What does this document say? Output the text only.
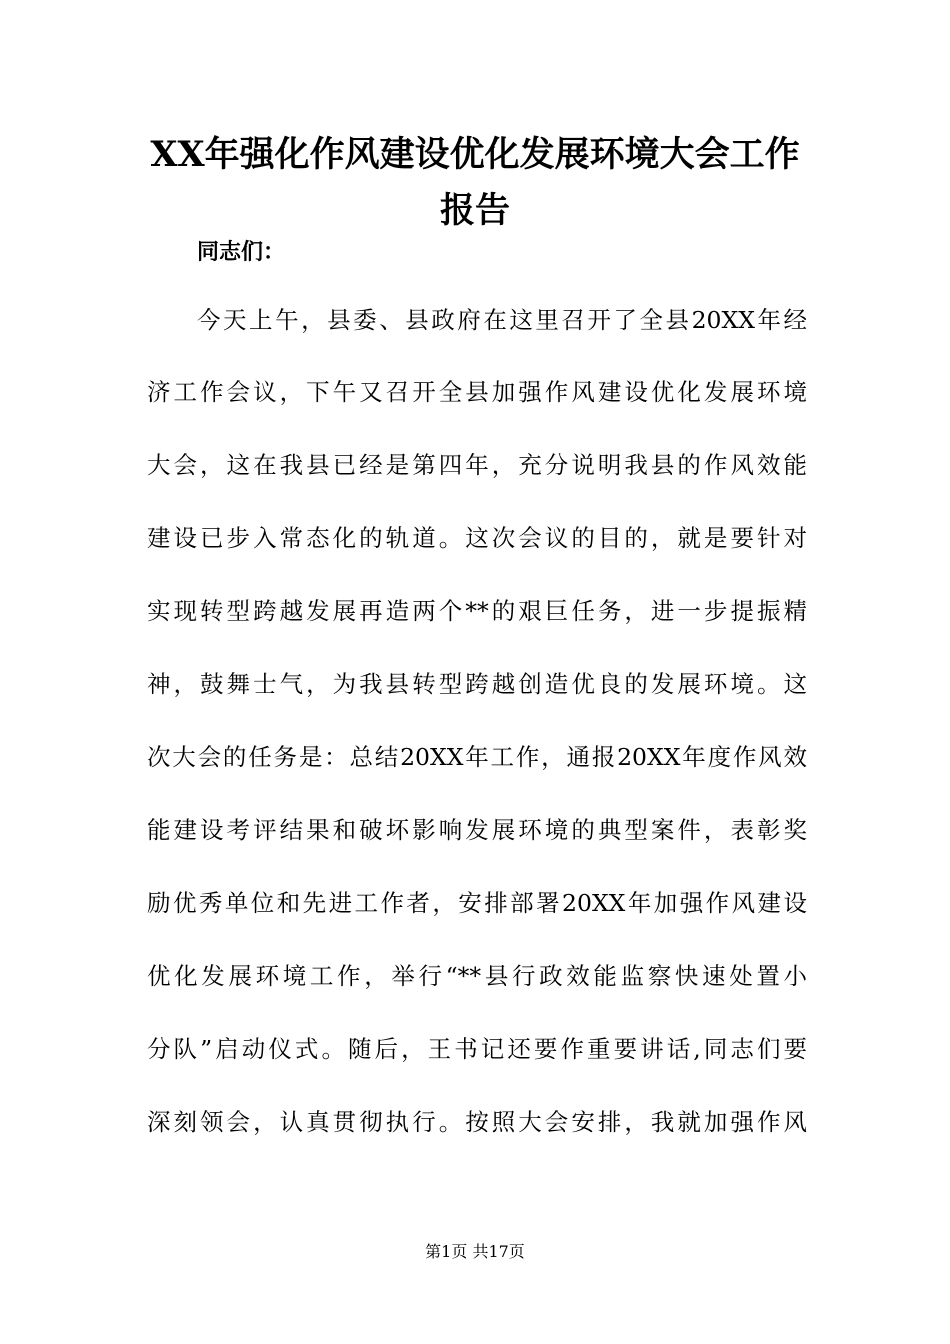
XX年强化作风建设优化发展环境大会工作报告
同志们：
今天上午，县委、县政府在这里召开了全县20XX年经
济工作会议，下午又召开全县加强作风建设优化发展环境
大会，这在我县已经是第四年，充分说明我县的作风效能
建设已步入常态化的轨道。这次会议的目的，就是要针对
实现转型跨越发展再造两个**的艰巨任务，进一步提振精
神，鼓舞士气，为我县转型跨越创造优良的发展环境。这
次大会的任务是：总结20XX年工作，通报20XX年度作风效
能建设考评结果和破坏影响发展环境的典型案件，表彰奖
励优秀单位和先进工作者，安排部署20XX年加强作风建设
优化发展环境工作，举行“**县行政效能监察快速处置小
分队”启动仪式。随后，王书记还要作重要讲话,同志们要
深刻领会，认真贯彻执行。按照大会安排，我就加强作风
第1页 共17页
